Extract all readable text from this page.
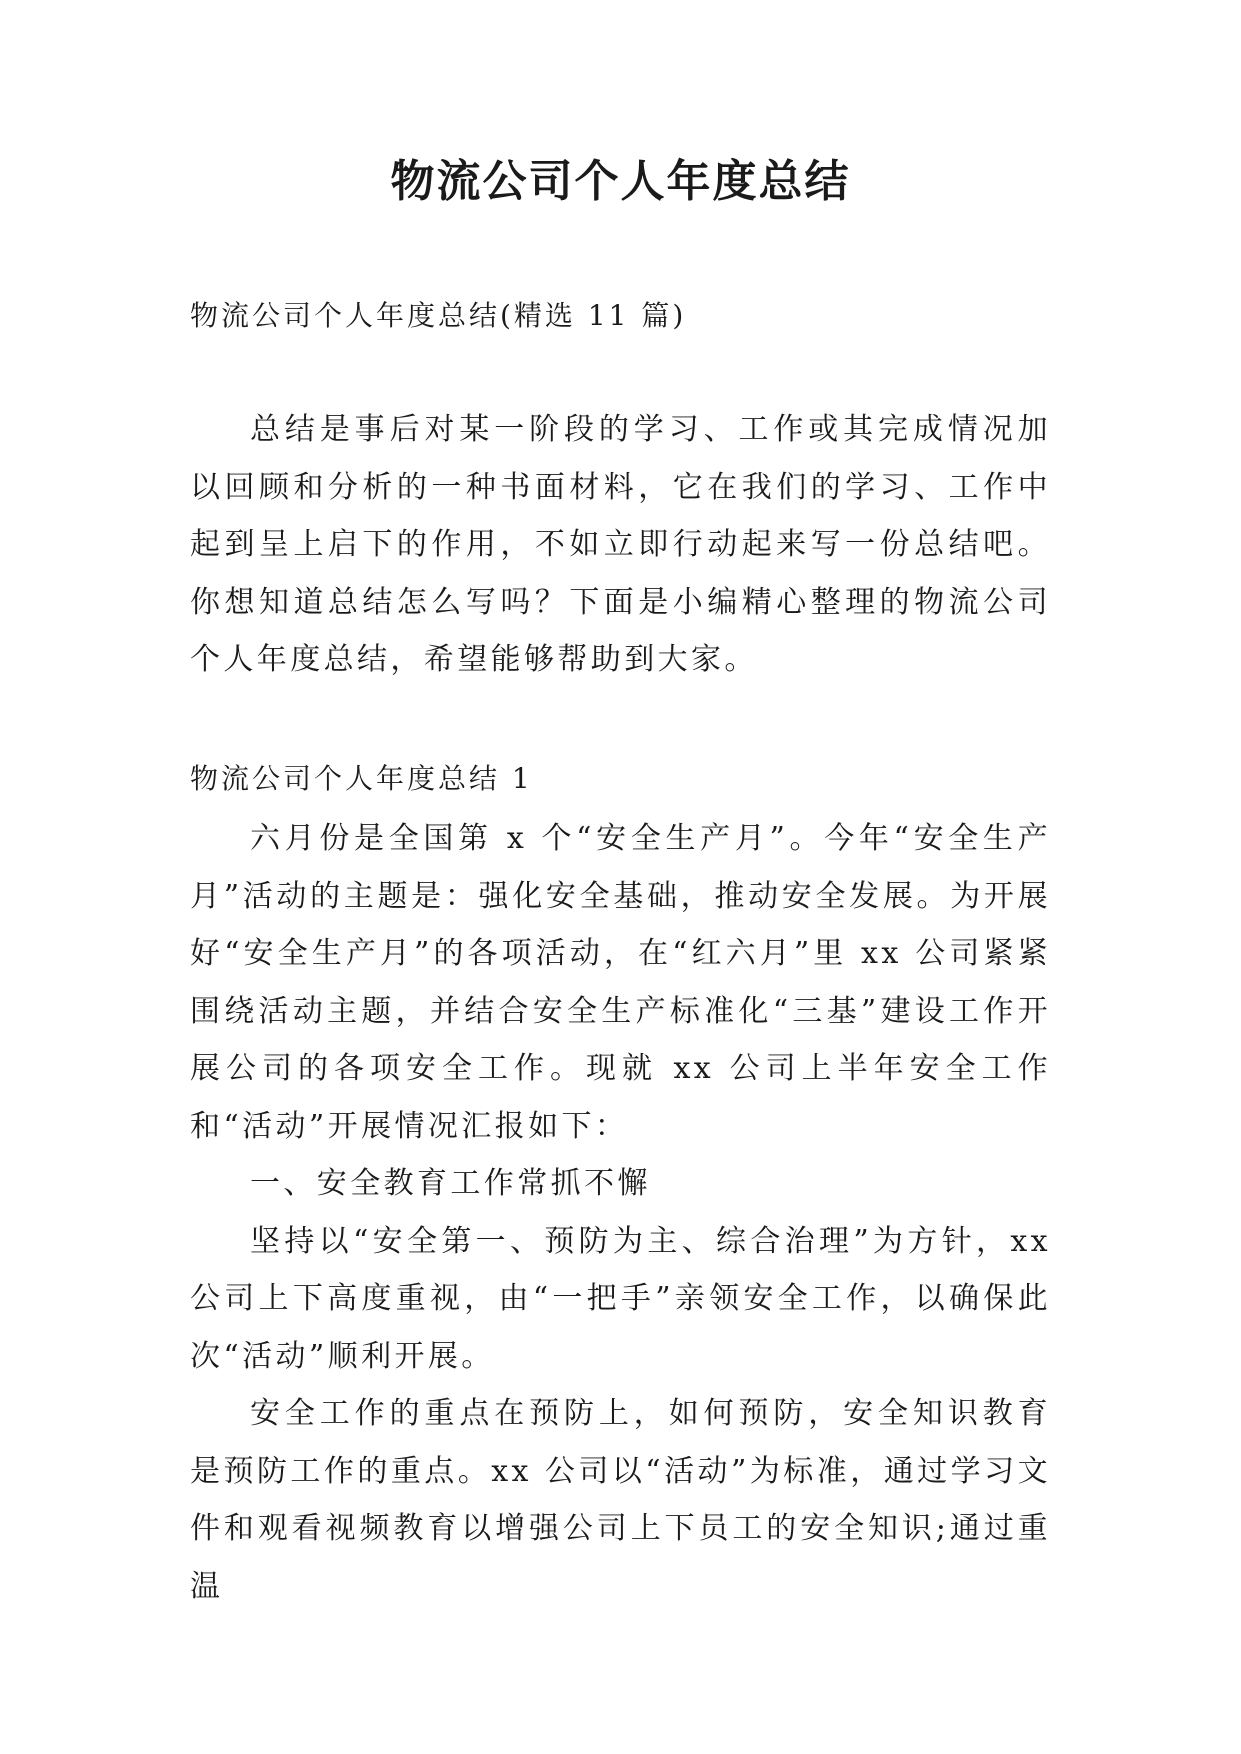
物流公司个人年度总结

物流公司个人年度总结(精选 11 篇)

总结是事后对某一阶段的学习、工作或其完成情况加以回顾和分析的一种书面材料，它在我们的学习、工作中起到呈上启下的作用，不如立即行动起来写一份总结吧。你想知道总结怎么写吗？下面是小编精心整理的物流公司个人年度总结，希望能够帮助到大家。

物流公司个人年度总结 1

六月份是全国第 x 个“安全生产月”。今年“安全生产月”活动的主题是：强化安全基础，推动安全发展。为开展好“安全生产月”的各项活动，在“红六月”里 xx 公司紧紧围绕活动主题，并结合安全生产标准化“三基”建设工作开展公司的各项安全工作。现就 xx 公司上半年安全工作和“活动”开展情况汇报如下：

一、安全教育工作常抓不懈

坚持以“安全第一、预防为主、综合治理”为方针，xx 公司上下高度重视，由“一把手”亲领安全工作，以确保此次“活动”顺利开展。

安全工作的重点在预防上，如何预防，安全知识教育是预防工作的重点。xx 公司以“活动”为标准，通过学习文件和观看视频教育以增强公司上下员工的安全知识;通过重温
